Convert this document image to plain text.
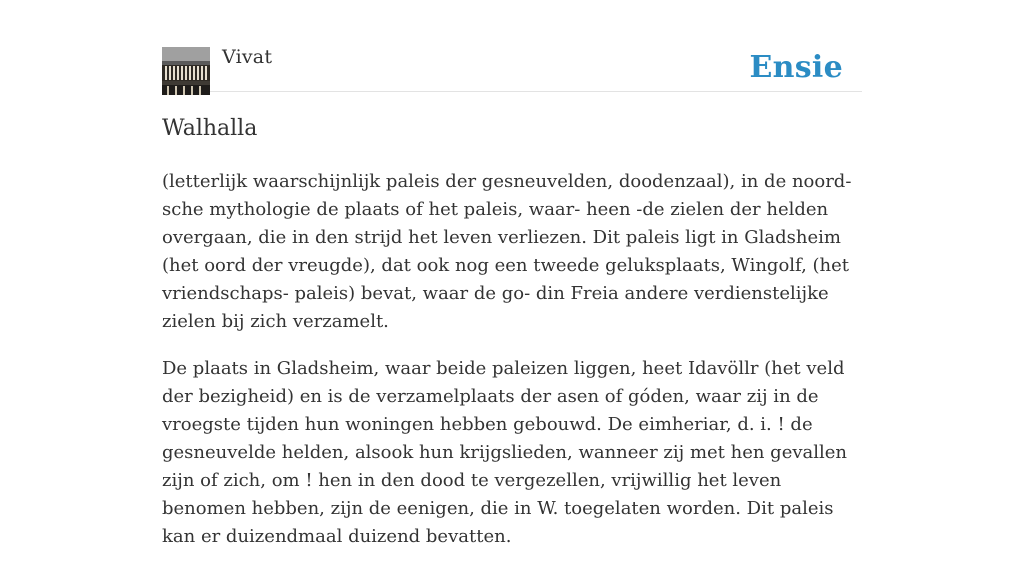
Vivat	Ensie
Walhalla

(letterlijk waarschijnlijk paleis der gesneuvelden, doodenzaal), in de noord- sche mythologie de plaats of het paleis, waar- heen -de zielen der helden overgaan, die in den strijd het leven verliezen. Dit paleis ligt in Gladsheim (het oord der vreugde), dat ook nog een tweede geluksplaats, Wingolf, (het vriendschaps- paleis) bevat, waar de go- din Freia andere verdienstelijke zielen bij zich verzamelt.

De plaats in Gladsheim, waar beide paleizen liggen, heet Idavöllr (het veld der bezigheid) en is de verzamelplaats der asen of góden, waar zij in de vroegste tijden hun woningen hebben gebouwd. De eimheriar, d. i. ! de gesneuvelde helden, alsook hun krijgslieden, wanneer zij met hen gevallen zijn of zich, om ! hen in den dood te vergezellen, vrijwillig het leven benomen hebben, zijn de eenigen, die in W. toegelaten worden. Dit paleis kan er duizendmaal duizend bevatten.
